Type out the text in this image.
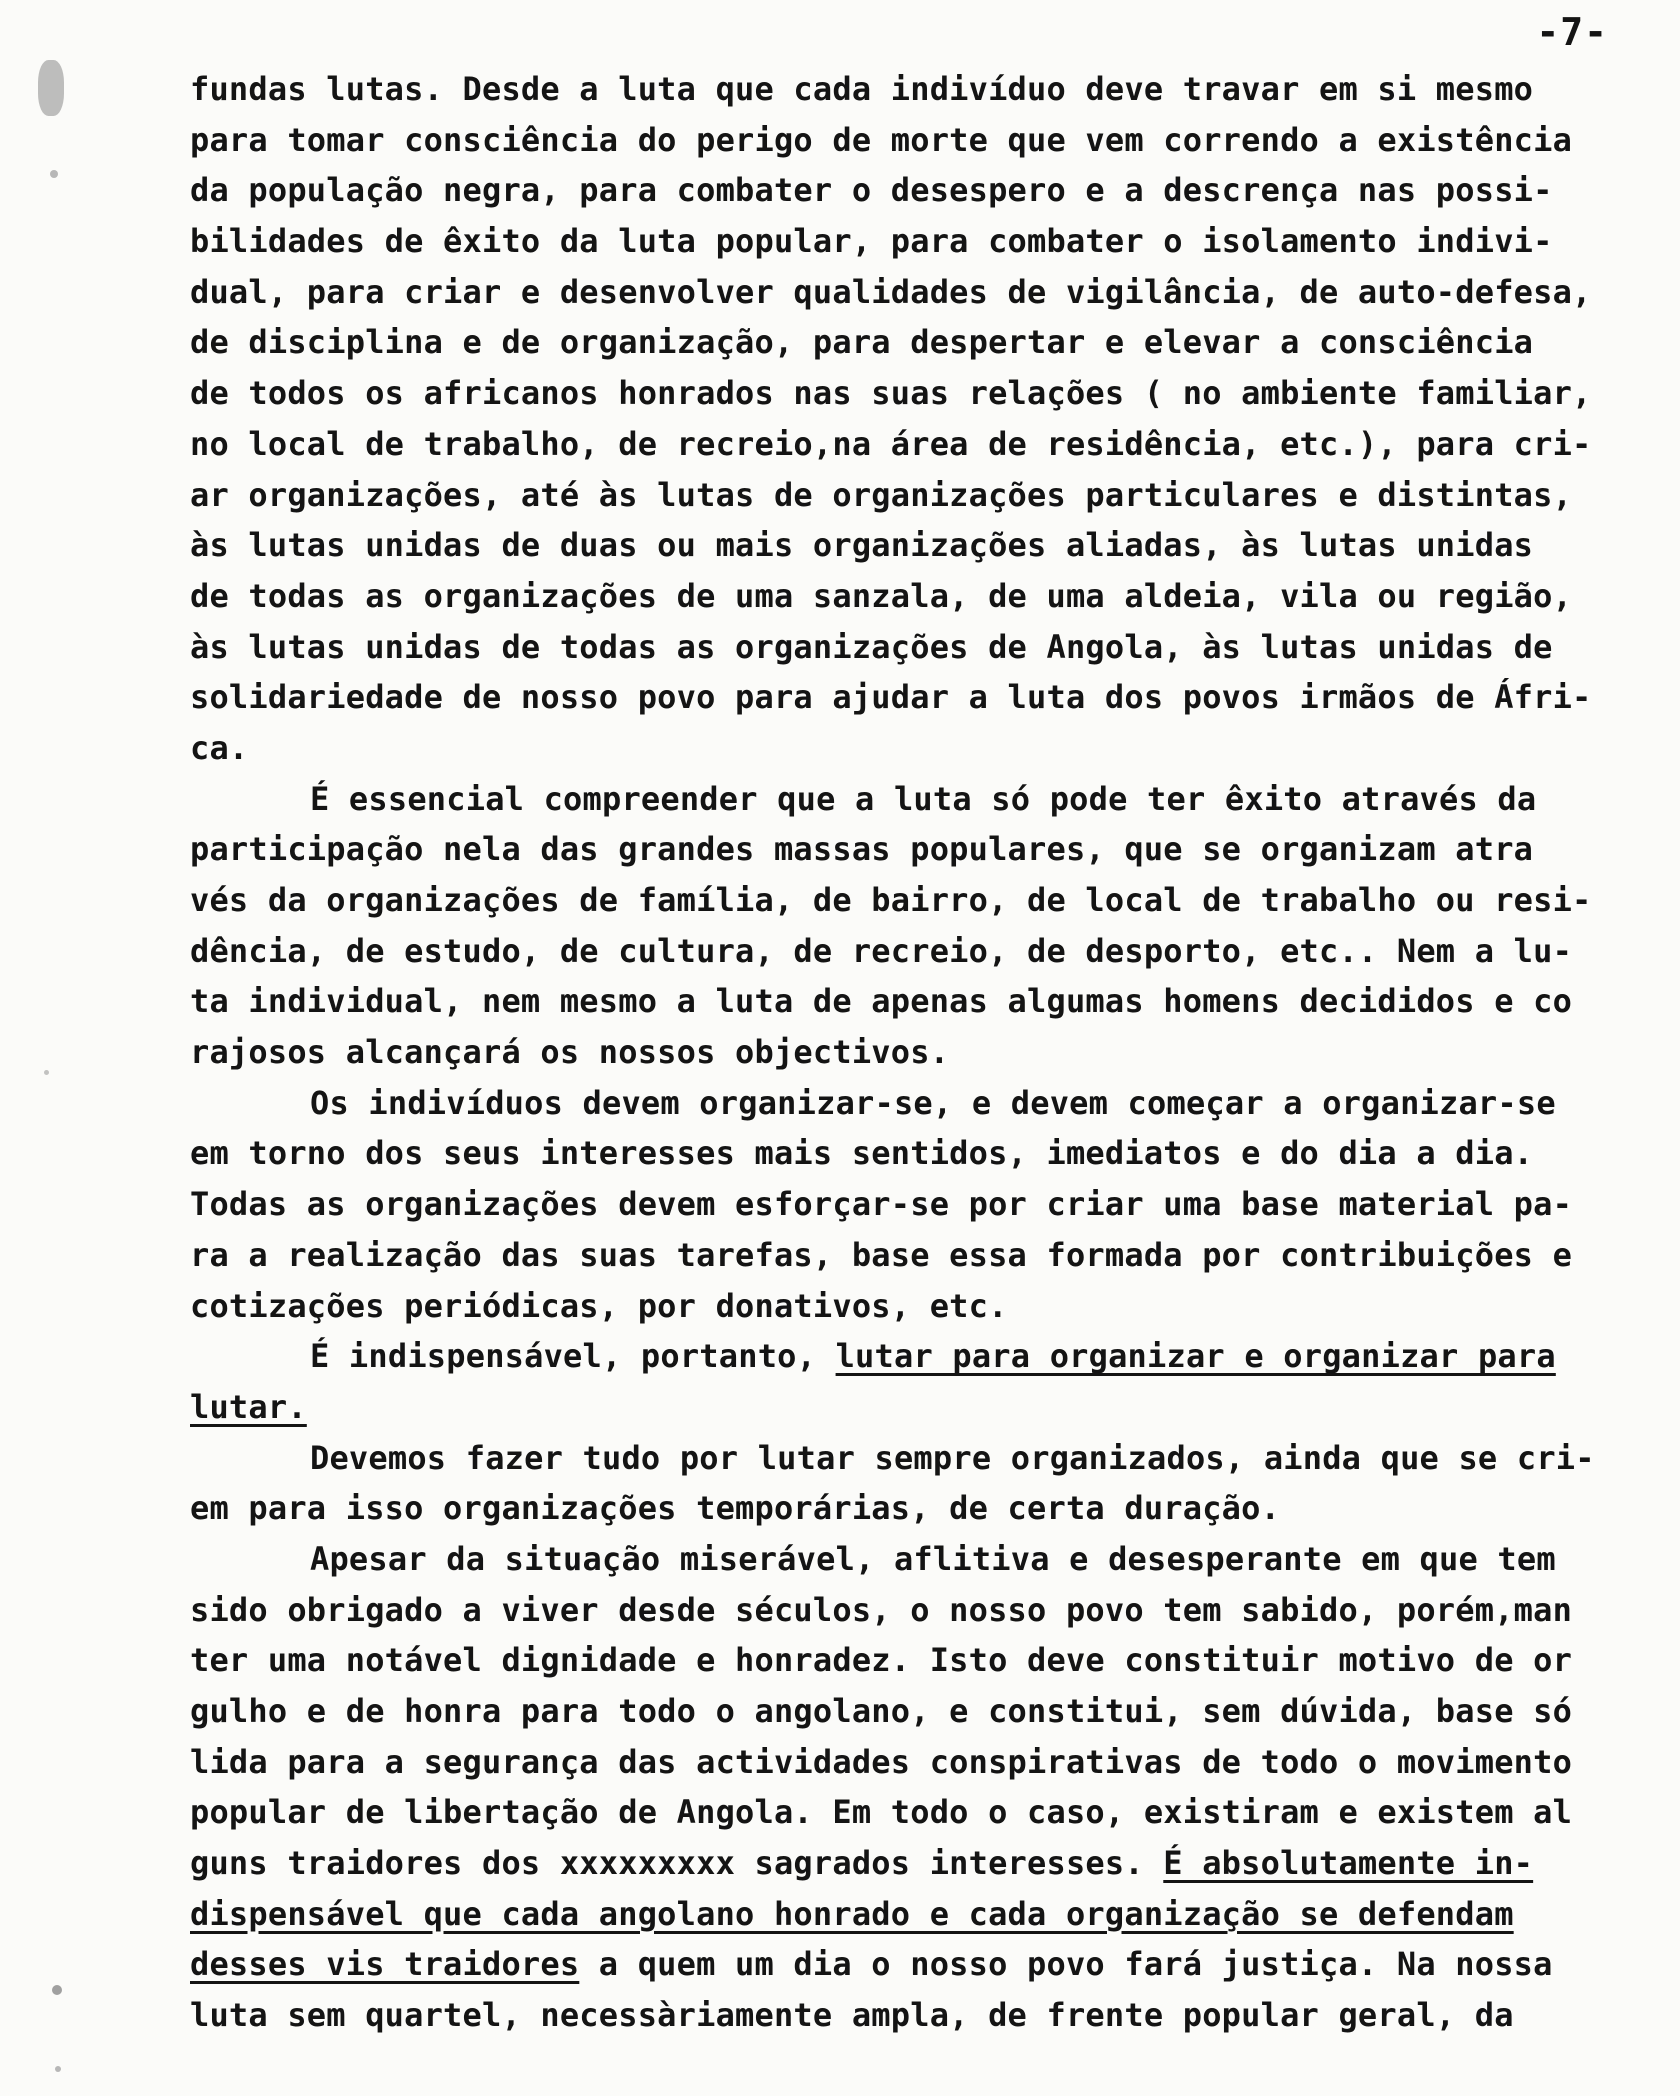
-7-
fundas lutas. Desde a luta que cada indivíduo deve travar em si mesmo
para tomar consciência do perigo de morte que vem correndo a existência
da população negra, para combater o desespero e a descrença nas possi-
bilidades de êxito da luta popular, para combater o isolamento indivi-
dual, para criar e desenvolver qualidades de vigilância, de auto-defesa,
de disciplina e de organização, para despertar e elevar a consciência
de todos os africanos honrados nas suas relações ( no ambiente familiar,
no local de trabalho, de recreio,na área de residência, etc.), para cri-
ar organizações, até às lutas de organizações particulares e distintas,
às lutas unidas de duas ou mais organizações aliadas, às lutas unidas
de todas as organizações de uma sanzala, de uma aldeia, vila ou região,
às lutas unidas de todas as organizações de Angola, às lutas unidas de
solidariedade de nosso povo para ajudar a luta dos povos irmãos de Áfri-
ca.
É essencial compreender que a luta só pode ter êxito através da
participação nela das grandes massas populares, que se organizam atra
vés da organizações de família, de bairro, de local de trabalho ou resi-
dência, de estudo, de cultura, de recreio, de desporto, etc.. Nem a lu-
ta individual, nem mesmo a luta de apenas algumas homens decididos e co
rajosos alcançará os nossos objectivos.
Os indivíduos devem organizar-se, e devem começar a organizar-se
em torno dos seus interesses mais sentidos, imediatos e do dia a dia.
Todas as organizações devem esforçar-se por criar uma base material pa-
ra a realização das suas tarefas, base essa formada por contribuições e
cotizações periódicas, por donativos, etc.
É indispensável, portanto, lutar para organizar e organizar para
lutar.
Devemos fazer tudo por lutar sempre organizados, ainda que se cri-
em para isso organizações temporárias, de certa duração.
Apesar da situação miserável, aflitiva e desesperante em que tem
sido obrigado a viver desde séculos, o nosso povo tem sabido, porém,man
ter uma notável dignidade e honradez. Isto deve constituir motivo de or
gulho e de honra para todo o angolano, e constitui, sem dúvida, base só
lida para a segurança das actividades conspirativas de todo o movimento
popular de libertação de Angola. Em todo o caso, existiram e existem al
guns traidores dos xxxxxxxxx sagrados interesses. É absolutamente in-
dispensável que cada angolano honrado e cada organização se defendam
desses vis traidores a quem um dia o nosso povo fará justiça. Na nossa
luta sem quartel, necessàriamente ampla, de frente popular geral, da
